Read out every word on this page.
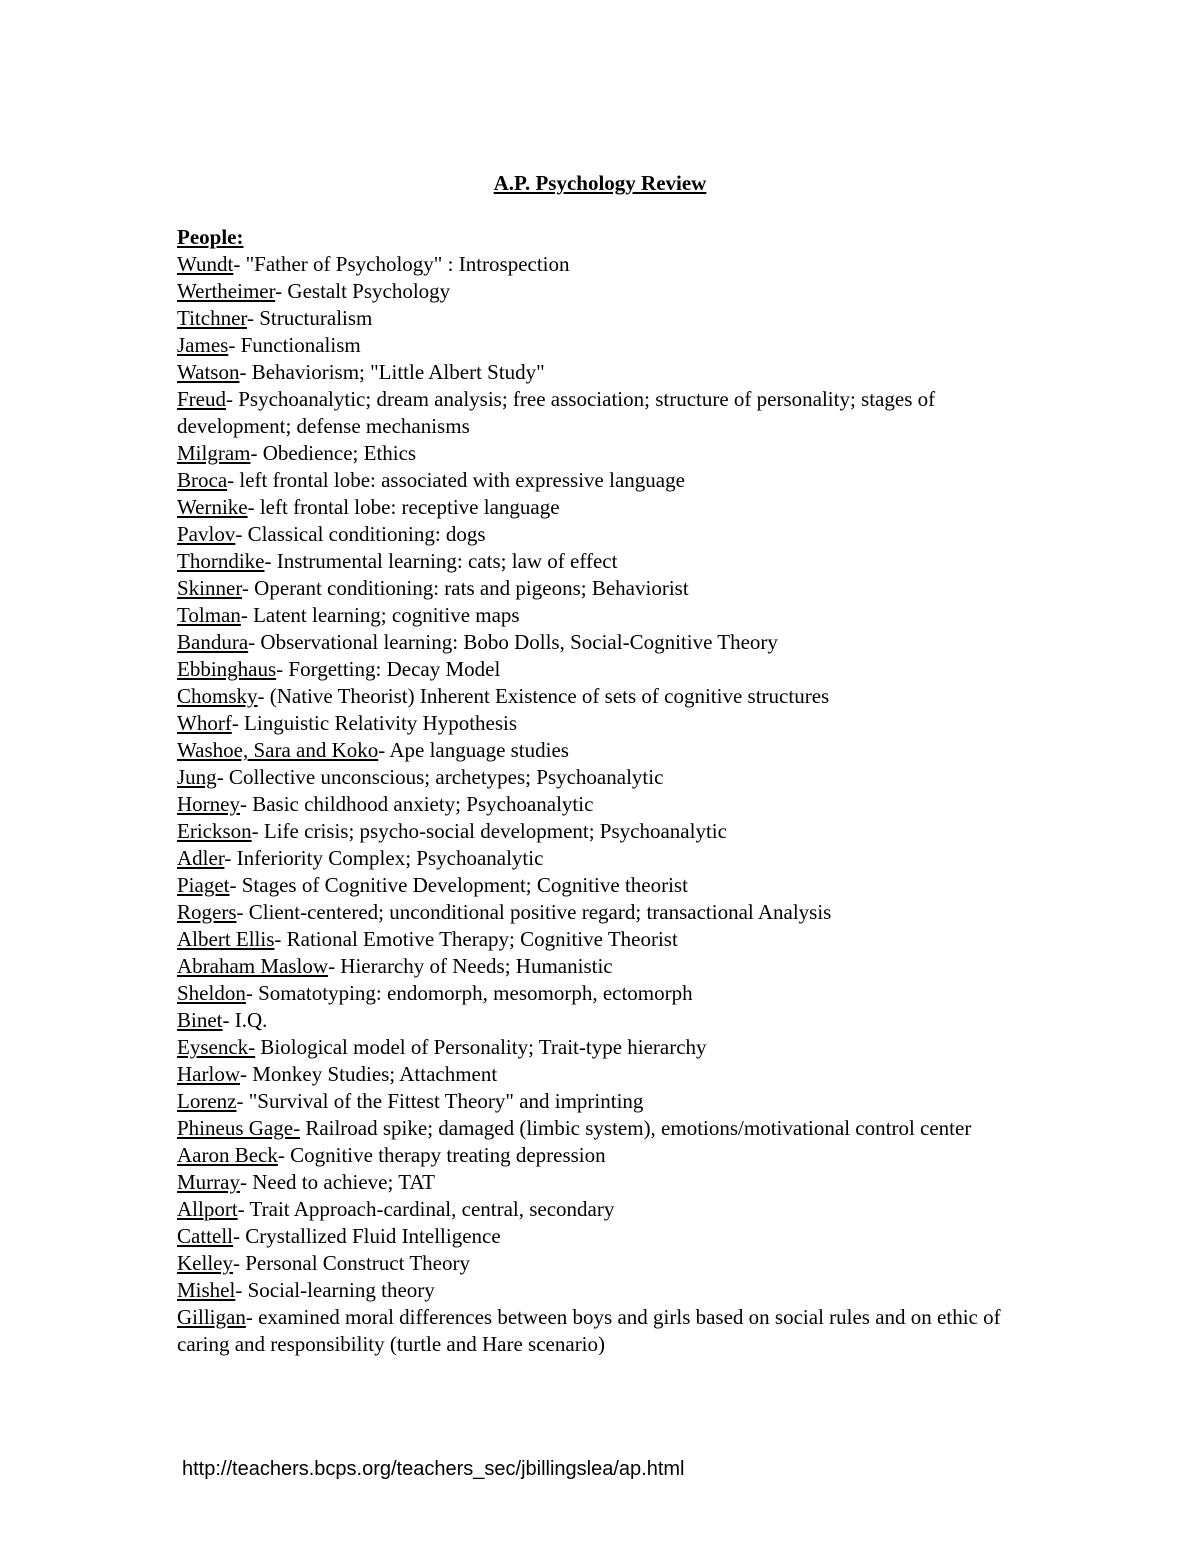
A.P. Psychology Review

People:

Wundt- "Father of Psychology" : Introspection

Wertheimer- Gestalt Psychology

Titchner- Structuralism

James- Functionalism

Watson- Behaviorism; "Little Albert Study"

Freud- Psychoanalytic; dream analysis; free association; structure of personality; stages of development; defense mechanisms

Milgram- Obedience; Ethics

Broca- left frontal lobe: associated with expressive language

Wernike- left frontal lobe: receptive language

Pavlov- Classical conditioning: dogs

Thorndike- Instrumental learning: cats; law of effect

Skinner- Operant conditioning: rats and pigeons; Behaviorist

Tolman- Latent learning; cognitive maps

Bandura- Observational learning: Bobo Dolls, Social-Cognitive Theory

Ebbinghaus- Forgetting: Decay Model

Chomsky- (Native Theorist) Inherent Existence of sets of cognitive structures

Whorf- Linguistic Relativity Hypothesis

Washoe, Sara and Koko- Ape language studies

Jung- Collective unconscious; archetypes; Psychoanalytic

Horney- Basic childhood anxiety; Psychoanalytic

Erickson- Life crisis; psycho-social development; Psychoanalytic

Adler- Inferiority Complex; Psychoanalytic

Piaget- Stages of Cognitive Development; Cognitive theorist

Rogers- Client-centered; unconditional positive regard; transactional Analysis

Albert Ellis- Rational Emotive Therapy; Cognitive Theorist

Abraham Maslow- Hierarchy of Needs; Humanistic

Sheldon- Somatotyping: endomorph, mesomorph, ectomorph

Binet- I.Q.

Eysenck- Biological model of Personality; Trait-type hierarchy

Harlow- Monkey Studies; Attachment

Lorenz- "Survival of the Fittest Theory" and imprinting

Phineus Gage- Railroad spike; damaged (limbic system), emotions/motivational control center

Aaron Beck- Cognitive therapy treating depression

Murray- Need to achieve; TAT

Allport- Trait Approach-cardinal, central, secondary

Cattell- Crystallized Fluid Intelligence

Kelley- Personal Construct Theory

Mishel- Social-learning theory

Gilligan- examined moral differences between boys and girls based on social rules and on ethic of caring and responsibility (turtle and Hare scenario)

http://teachers.bcps.org/teachers_sec/jbillingslea/ap.html
